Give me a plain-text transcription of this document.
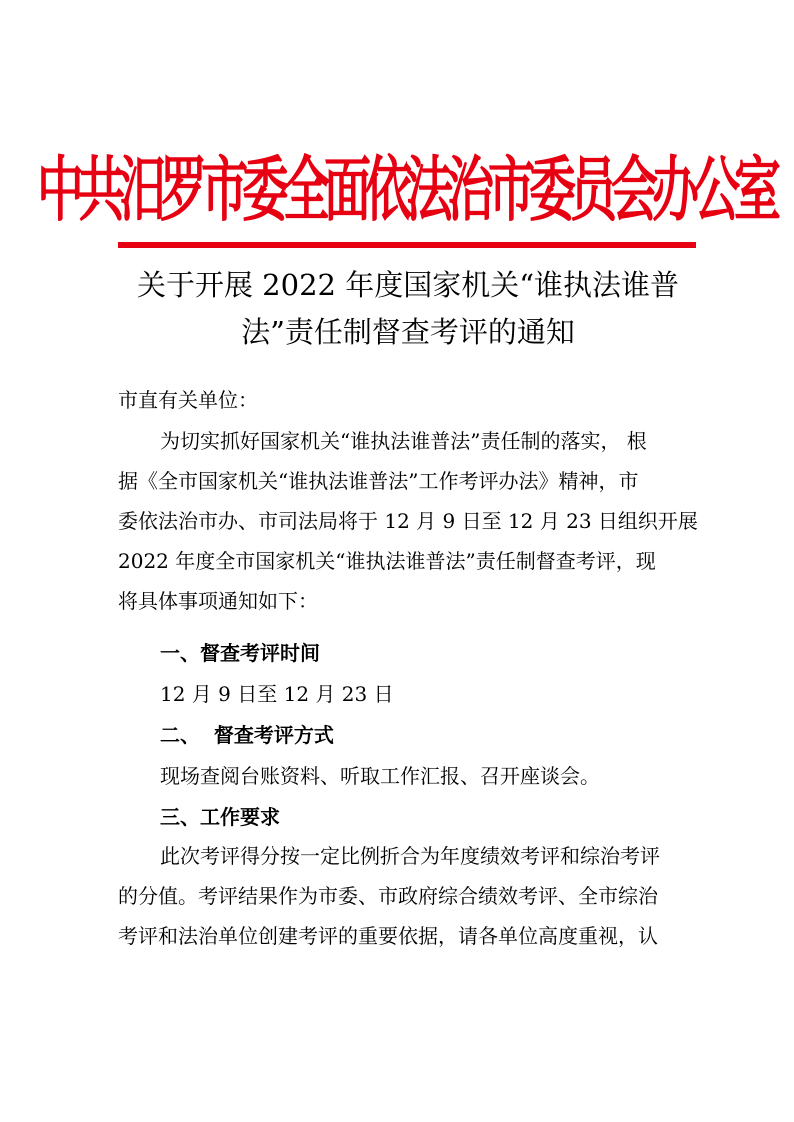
中共汨罗市委全面依法治市委员会办公室
关于开展 2022 年度国家机关“谁执法谁普
法”责任制督查考评的通知

市直有关单位：

为切实抓好国家机关“谁执法谁普法”责任制的落实， 根
据《全市国家机关“谁执法谁普法”工作考评办法》精神，市
委依法治市办、市司法局将于 12 月 9 日至 12 月 23 日组织开展
2022 年度全市国家机关“谁执法谁普法”责任制督查考评，现
将具体事项通知如下：

一、督查考评时间

12 月 9 日至 12 月 23 日

二、  督查考评方式

现场查阅台账资料、听取工作汇报、召开座谈会。

三、工作要求

此次考评得分按一定比例折合为年度绩效考评和综治考评
的分值。考评结果作为市委、市政府综合绩效考评、全市综治
考评和法治单位创建考评的重要依据，请各单位高度重视，认
